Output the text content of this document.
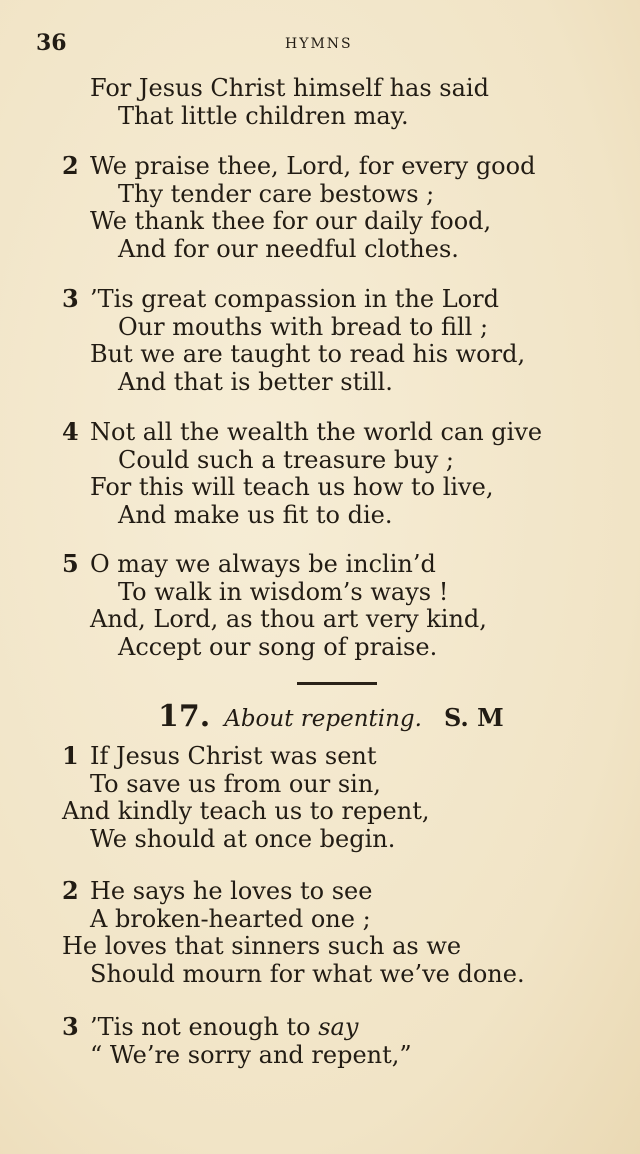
36	HYMNS
For Jesus Christ himself has said
That little children may.
2 We praise thee, Lord, for every good
Thy tender care bestows ;
We thank thee for our daily food,
And for our needful clothes.
3 ’Tis great compassion in the Lord
Our mouths with bread to fill ;
But we are taught to read his word,
And that is better still.
4 Not all the wealth the world can give
Could such a treasure buy ;
For this will teach us how to live,
And make us fit to die.
5 O may we always be inclin’d
To walk in wisdom’s ways !
And, Lord, as thou art very kind,
Accept our song of praise.
17. About repenting. S. M
1 If Jesus Christ was sent
To save us from our sin,
And kindly teach us to repent,
We should at once begin.
2 He says he loves to see
A broken-hearted one ;
He loves that sinners such as we
Should mourn for what we’ve done.
3 ’Tis not enough to say
“ We’re sorry and repent,”
